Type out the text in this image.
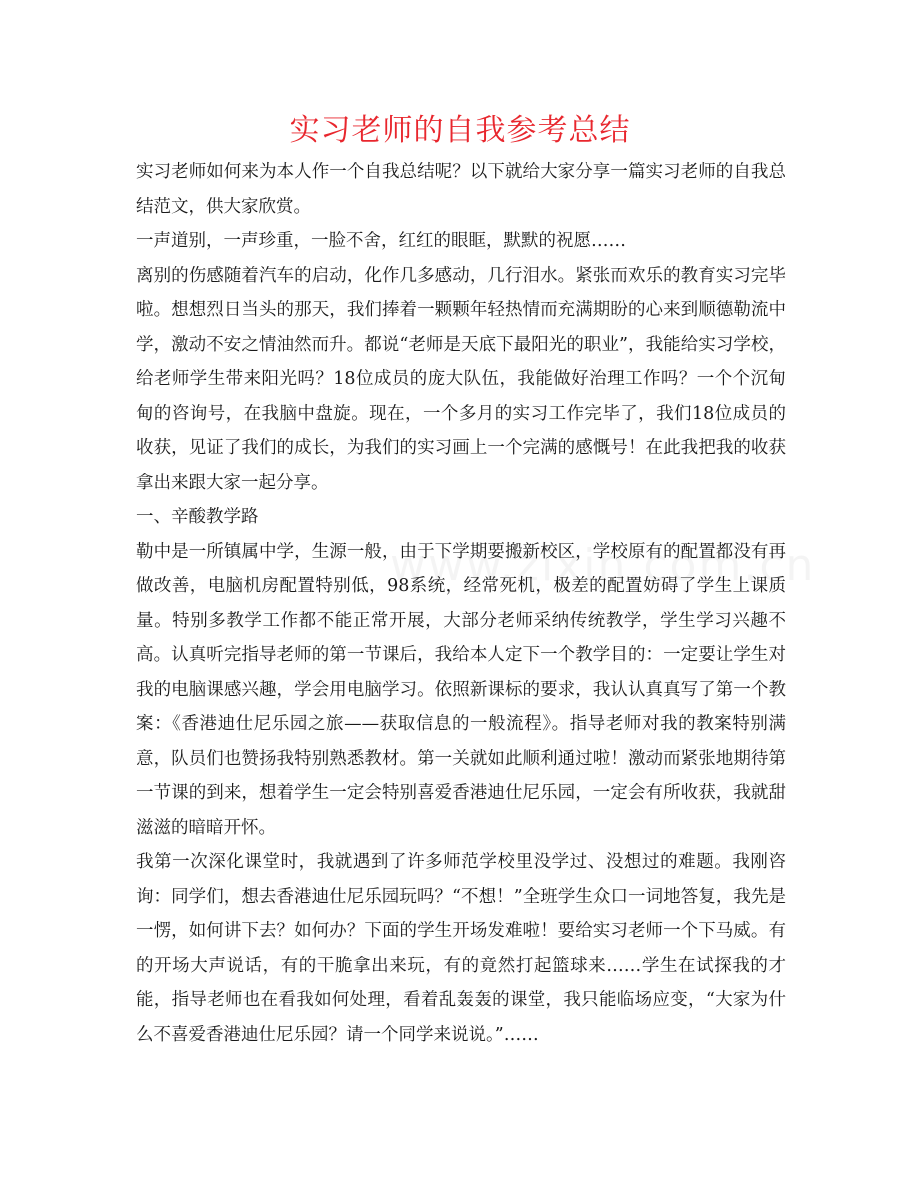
实习老师的自我参考总结

实习老师如何来为本人作一个自我总结呢？以下就给大家分享一篇实习老师的自我总结范文，供大家欣赏。

一声道别，一声珍重，一脸不舍，红红的眼眶，默默的祝愿……

离别的伤感随着汽车的启动，化作几多感动，几行泪水。紧张而欢乐的教育实习完毕啦。想想烈日当头的那天，我们捧着一颗颗年轻热情而充满期盼的心来到顺德勒流中学，激动不安之情油然而升。都说“老师是天底下最阳光的职业”，我能给实习学校，给老师学生带来阳光吗？18位成员的庞大队伍，我能做好治理工作吗？一个个沉甸甸的咨询号，在我脑中盘旋。现在，一个多月的实习工作完毕了，我们18位成员的收获，见证了我们的成长，为我们的实习画上一个完满的感慨号！在此我把我的收获拿出来跟大家一起分享。

一、辛酸教学路

勒中是一所镇属中学，生源一般，由于下学期要搬新校区，学校原有的配置都没有再做改善，电脑机房配置特别低，98系统，经常死机，极差的配置妨碍了学生上课质量。特别多教学工作都不能正常开展，大部分老师采纳传统教学，学生学习兴趣不高。认真听完指导老师的第一节课后，我给本人定下一个教学目的：一定要让学生对我的电脑课感兴趣，学会用电脑学习。依照新课标的要求，我认认真真写了第一个教案：《香港迪仕尼乐园之旅——获取信息的一般流程》。指导老师对我的教案特别满意，队员们也赞扬我特别熟悉教材。第一关就如此顺利通过啦！激动而紧张地期待第一节课的到来，想着学生一定会特别喜爱香港迪仕尼乐园，一定会有所收获，我就甜滋滋的暗暗开怀。

我第一次深化课堂时，我就遇到了许多师范学校里没学过、没想过的难题。我刚咨询：同学们，想去香港迪仕尼乐园玩吗？“不想！”全班学生众口一词地答复，我先是一愣，如何讲下去？如何办？下面的学生开场发难啦！要给实习老师一个下马威。有的开场大声说话，有的干脆拿出来玩，有的竟然打起篮球来……学生在试探我的才能，指导老师也在看我如何处理，看着乱轰轰的课堂，我只能临场应变，“大家为什么不喜爱香港迪仕尼乐园？请一个同学来说说。”……
